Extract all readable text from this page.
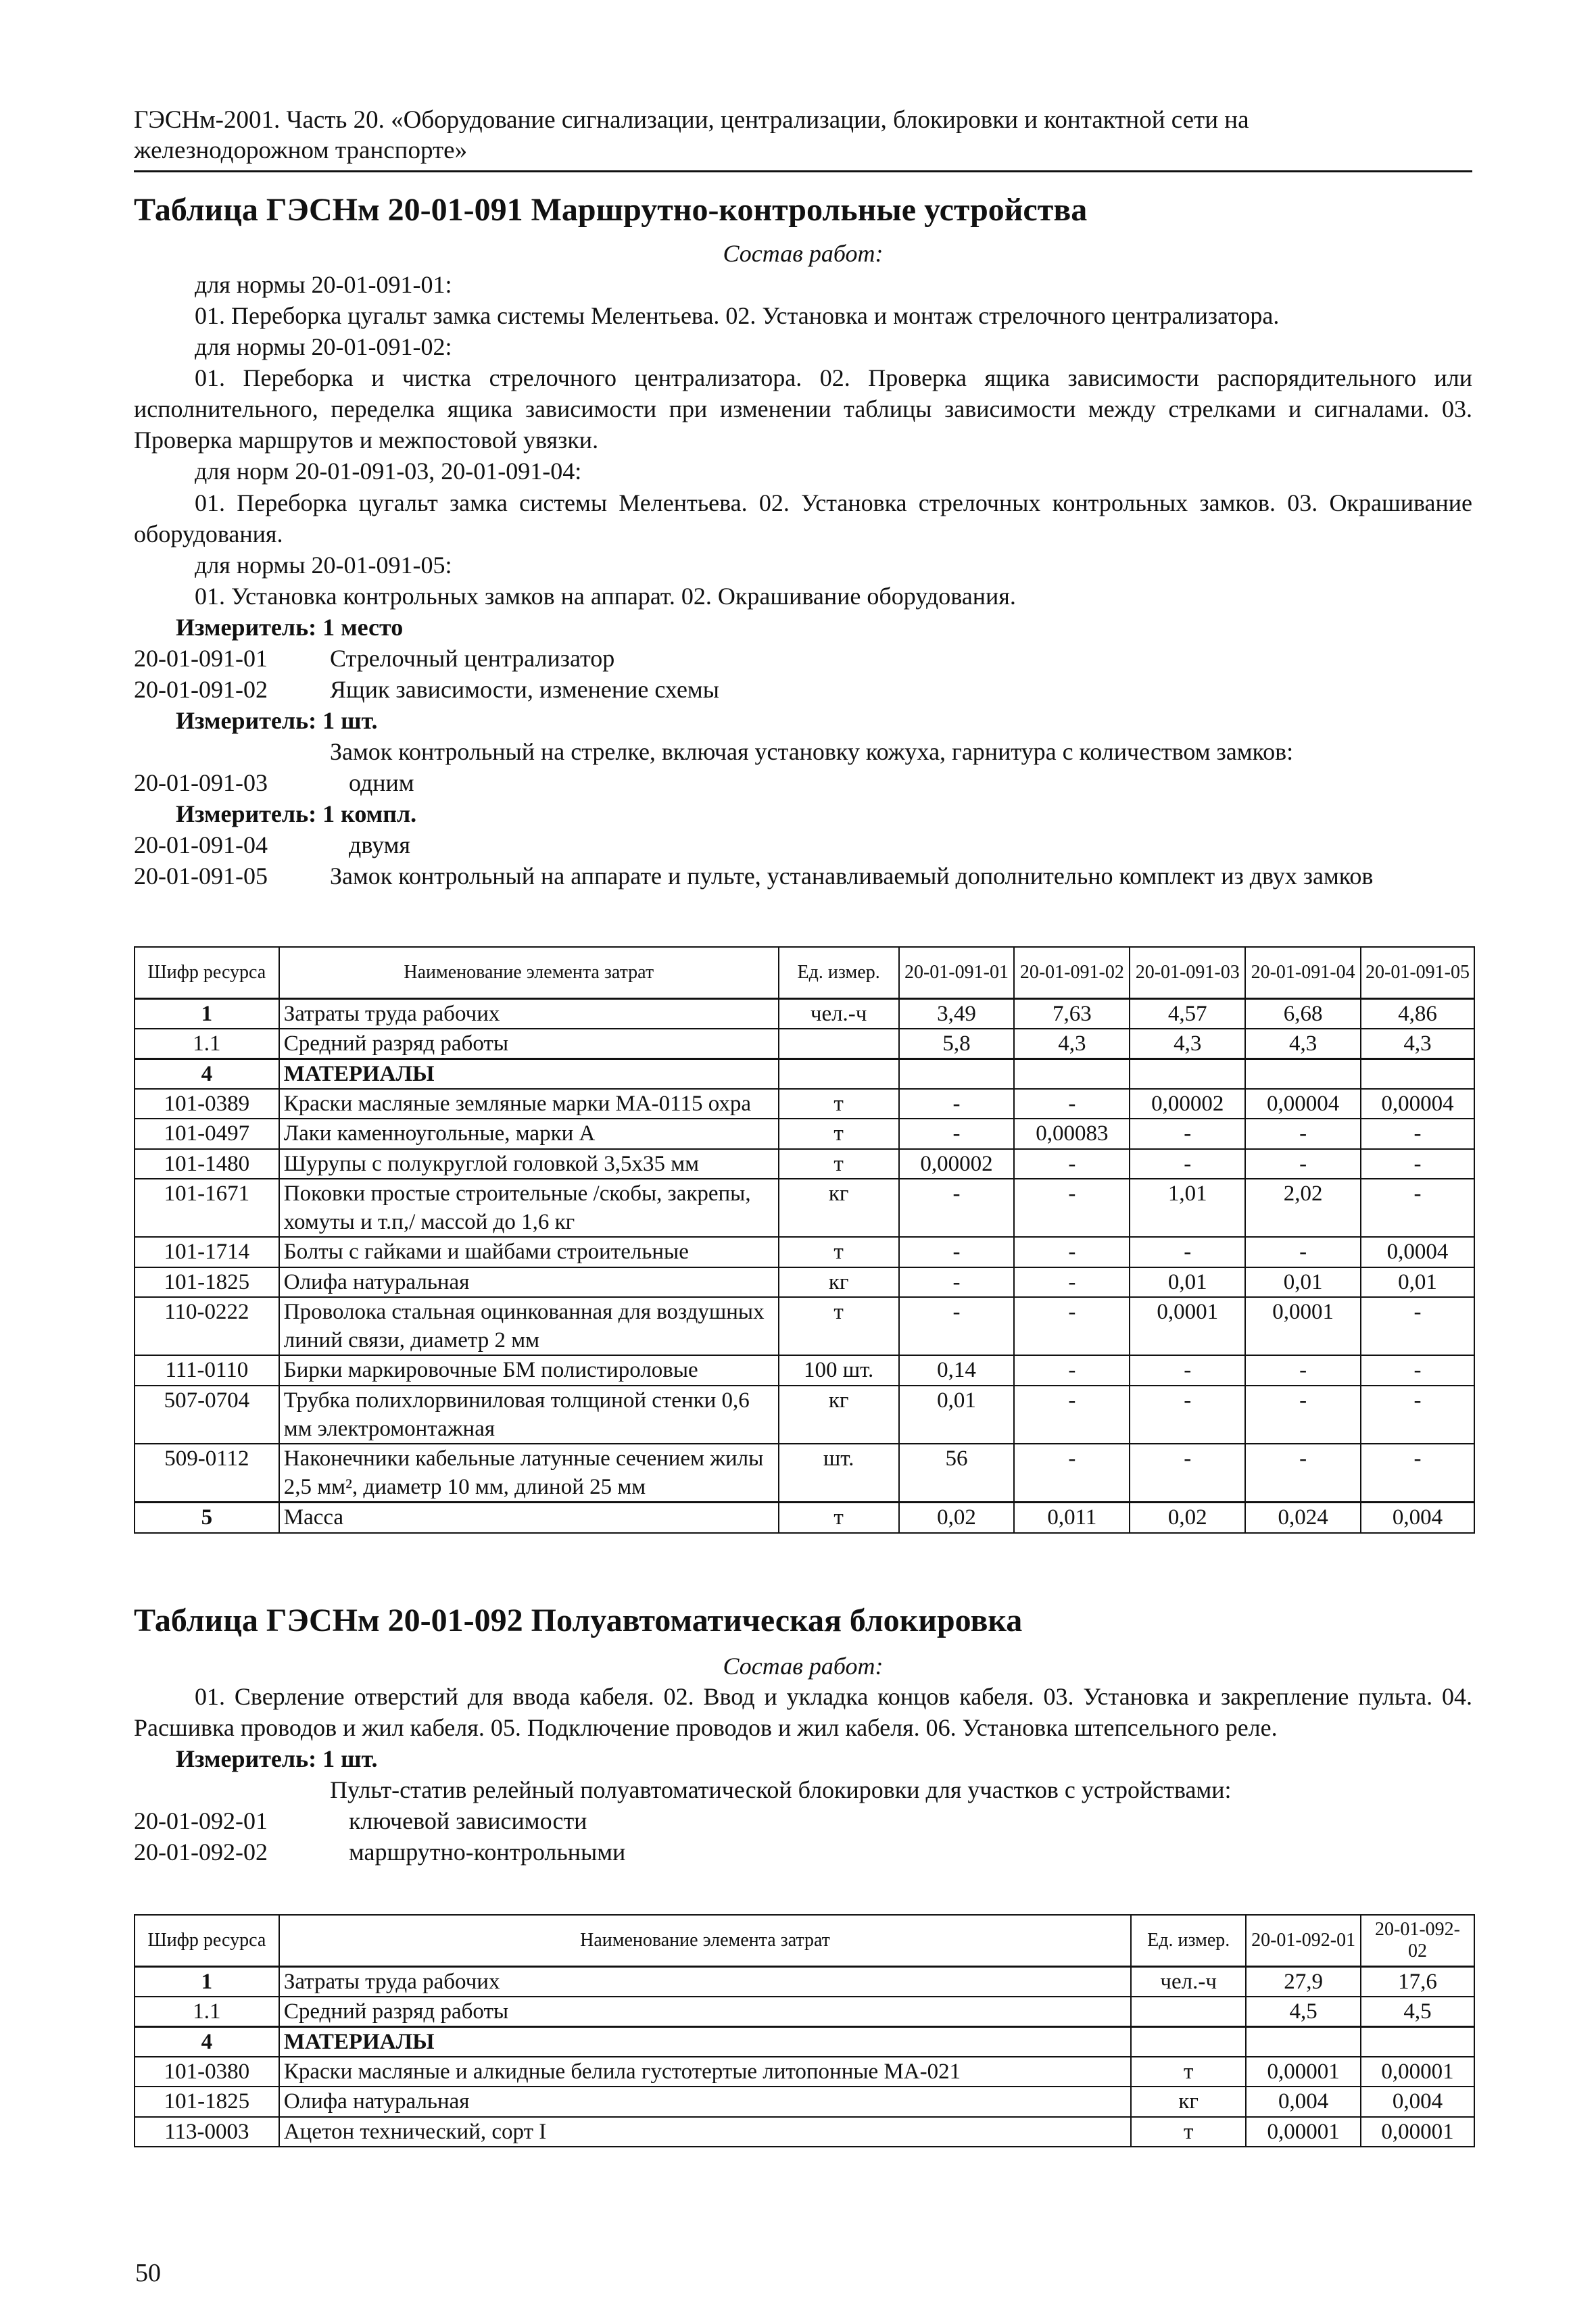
ГЭСНм-2001. Часть 20. «Оборудование сигнализации, централизации, блокировки и контактной сети на
железнодорожном транспорте»
Таблица ГЭСНм 20-01-091 Маршрутно-контрольные устройства
Состав работ:

для нормы 20-01-091-01:

01. Переборка цугальт замка системы Мелентьева. 02. Установка и монтаж стрелочного централизатора.

для нормы 20-01-091-02:

01. Переборка и чистка стрелочного централизатора. 02. Проверка ящика зависимости распорядительного или исполнительного, переделка ящика зависимости при изменении таблицы зависимости между стрелками и сигналами. 03. Проверка маршрутов и межпостовой увязки.

для норм 20-01-091-03, 20-01-091-04:

01. Переборка цугальт замка системы Мелентьева. 02. Установка стрелочных контрольных замков. 03. Окрашивание оборудования.

для нормы 20-01-091-05:

01. Установка контрольных замков на аппарат. 02. Окрашивание оборудования.

Измеритель: 1 место

20-01-091-01	Стрелочный централизатор
20-01-091-02	Ящик зависимости, изменение схемы

Измеритель: 1 шт.

Замок контрольный на стрелке, включая установку кожуха, гарнитура с количеством замков:

20-01-091-03	одним

Измеритель: 1 компл.

20-01-091-04	двумя
20-01-091-05	Замок контрольный на аппарате и пульте, устанавливаемый дополнительно комплект из двух замков
Шифр ресурса	Наименование элемента затрат	Ед. измер.	20-01-091-01	20-01-091-02	20-01-091-03	20-01-091-04	20-01-091-05
1	Затраты труда рабочих	чел.-ч	3,49	7,63	4,57	6,68	4,86
1.1	Средний разряд работы		5,8	4,3	4,3	4,3	4,3
4	МАТЕРИАЛЫ						
101-0389	Краски масляные земляные марки МА-0115 охра	т	-	-	0,00002	0,00004	0,00004
101-0497	Лаки каменноугольные, марки А	т	-	0,00083	-	-	-
101-1480	Шурупы с полукруглой головкой 3,5х35 мм	т	0,00002	-	-	-	-
101-1671	Поковки простые строительные /скобы, закрепы, хомуты и т.п,/ массой до 1,6 кг	кг	-	-	1,01	2,02	-
101-1714	Болты с гайками и шайбами строительные	т	-	-	-	-	0,0004
101-1825	Олифа натуральная	кг	-	-	0,01	0,01	0,01
110-0222	Проволока стальная оцинкованная для воздушных линий связи, диаметр 2 мм	т	-	-	0,0001	0,0001	-
111-0110	Бирки маркировочные БМ полистироловые	100 шт.	0,14	-	-	-	-
507-0704	Трубка полихлорвиниловая толщиной стенки 0,6 мм электромонтажная	кг	0,01	-	-	-	-
509-0112	Наконечники кабельные латунные сечением жилы 2,5 мм², диаметр 10 мм, длиной 25 мм	шт.	56	-	-	-	-
5	Масса	т	0,02	0,011	0,02	0,024	0,004
Таблица ГЭСНм 20-01-092 Полуавтоматическая блокировка
Состав работ:

01. Сверление отверстий для ввода кабеля. 02. Ввод и укладка концов кабеля. 03. Установка и закрепление пульта. 04. Расшивка проводов и жил кабеля. 05. Подключение проводов и жил кабеля. 06. Установка штепсельного реле.

Измеритель: 1 шт.

Пульт-статив релейный полуавтоматической блокировки для участков с устройствами:

20-01-092-01	ключевой зависимости
20-01-092-02	маршрутно-контрольными
Шифр ресурса	Наименование элемента затрат	Ед. измер.	20-01-092-01	20-01-092-02
1	Затраты труда рабочих	чел.-ч	27,9	17,6
1.1	Средний разряд работы		4,5	4,5
4	МАТЕРИАЛЫ			
101-0380	Краски масляные и алкидные белила густотертые литопонные МА-021	т	0,00001	0,00001
101-1825	Олифа натуральная	кг	0,004	0,004
113-0003	Ацетон технический, сорт I	т	0,00001	0,00001
50
